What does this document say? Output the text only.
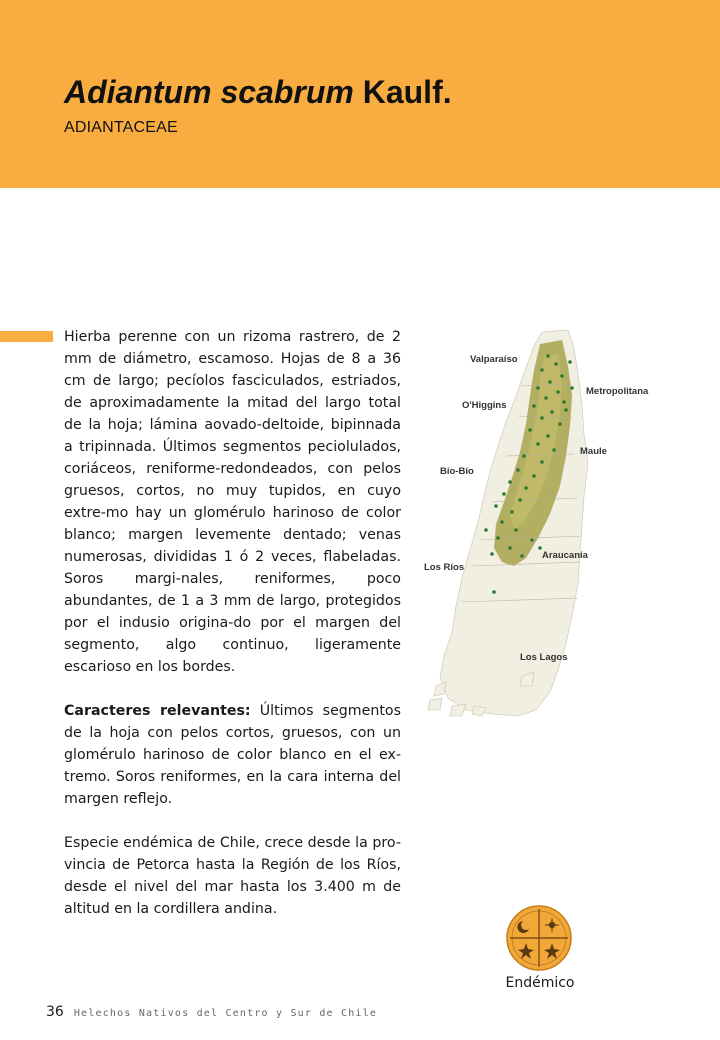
Adiantum scabrum Kaulf.
ADIANTACEAE

Hierba perenne con un rizoma rastrero, de 2 mm de diámetro, escamoso. Hojas de 8 a 36 cm de largo; pecíolos fasciculados, estriados, de aproximadamente la mitad del largo total de la hoja; lámina aovado-deltoide, bipinnada a tripinnada. Últimos segmentos peciolulados, coriáceos, reniforme-redondeados, con pelos gruesos, cortos, no muy tupidos, en cuyo extre-mo hay un glomérulo harinoso de color blanco; margen levemente dentado; venas numerosas, divididas 1 ó 2 veces, flabeladas. Soros margi-nales, reniformes, poco abundantes, de 1 a 3 mm de largo, protegidos por el indusio origina-do por el margen del segmento, algo continuo, ligeramente escarioso en los bordes.

Caracteres relevantes: Últimos segmentos de la hoja con pelos cortos, gruesos, con un glomérulo harinoso de color blanco en el ex-tremo. Soros reniformes, en la cara interna del margen reflejo.

Especie endémica de Chile, crece desde la pro-vincia de Petorca hasta la Región de los Ríos, desde el nivel del mar hasta los 3.400 m de altitud en la cordillera andina.

Valparaíso
Metropolitana
O'Higgins
Maule
Bío-Bío
Araucanía
Los Ríos
Los Lagos
Endémico
36 Helechos Nativos del Centro y Sur de Chile
